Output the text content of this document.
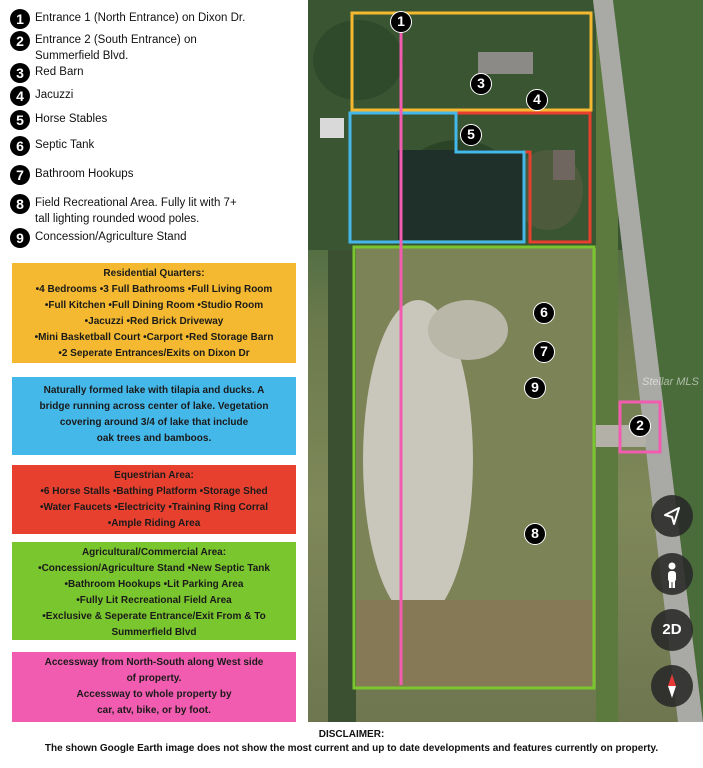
1 Entrance 1 (North Entrance) on Dixon Dr.
2 Entrance 2 (South Entrance) on
Summerfield Blvd.
3 Red Barn
4 Jacuzzi
5 Horse Stables
6 Septic Tank
7 Bathroom Hookups
8 Field Recreational Area. Fully lit with 7+
tall lighting rounded wood poles.
9 Concession/Agriculture Stand
Residential Quarters:
•4 Bedrooms •3 Full Bathrooms •Full Living Room
•Full Kitchen •Full Dining Room •Studio Room
•Jacuzzi •Red Brick Driveway
•Mini Basketball Court •Carport •Red Storage Barn
•2 Seperate Entrances/Exits on Dixon Dr
Naturally formed lake with tilapia and ducks. A
bridge running across center of lake. Vegetation
covering around 3/4 of lake that include
oak trees and bamboos.
Equestrian Area:
•6 Horse Stalls •Bathing Platform •Storage Shed
•Water Faucets •Electricity •Training Ring Corral
•Ample Riding Area
Agricultural/Commercial Area:
•Concession/Agriculture Stand •New Septic Tank
•Bathroom Hookups •Lit Parking Area
•Fully Lit Recreational Field Area
•Exclusive & Seperate Entrance/Exit From & To
Summerfield Blvd
Accessway from North-South along West side
of property.
Accessway to whole property by
car, atv, bike, or by foot.
Stellar MLS
1
2
3
4
5
6
7
9
8
2D
DISCLAIMER:
The shown Google Earth image does not show the most current and up to date developments and features currently on property.
